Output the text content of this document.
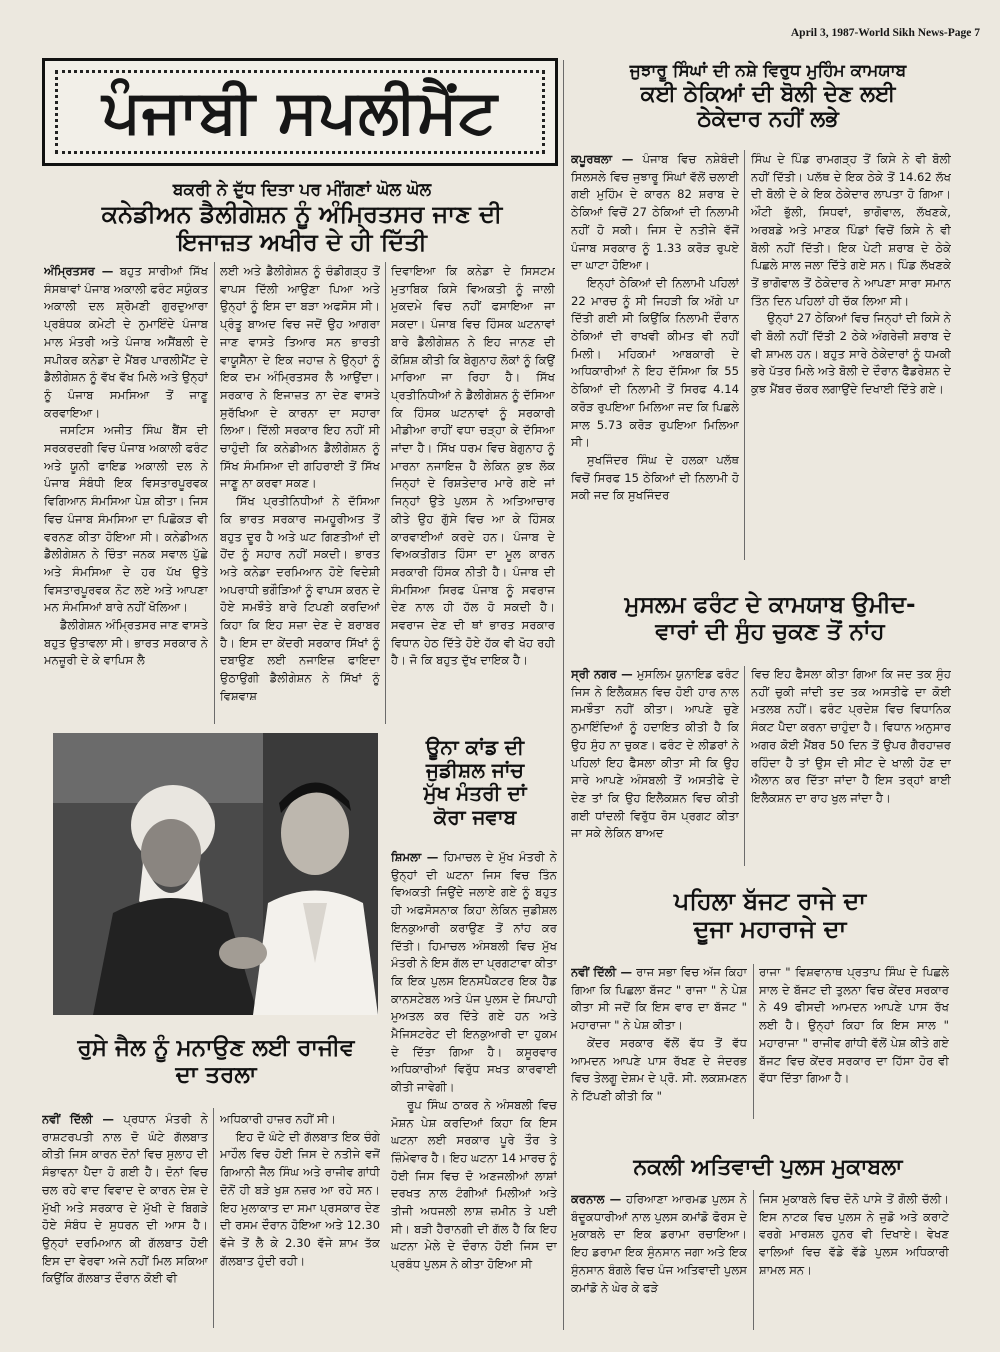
April 3, 1987-World Sikh News-Page 7
ਪੰਜਾਬੀ ਸਪਲੀਮੈਂਟ
ਬਕਰੀ ਨੇ ਦੁੱਧ ਦਿਤਾ ਪਰ ਮੀਂਗਣਾਂ ਘੋਲ ਘੋਲ
ਕਨੇਡੀਅਨ ਡੈਲੀਗੇਸ਼ਨ ਨੂੰ ਅੰਮ੍ਰਿਤਸਰ ਜਾਣ ਦੀ
ਇਜਾਜ਼ਤ ਅਖੀਰ ਦੇ ਹੀ ਦਿੱਤੀ

ਅੰਮ੍ਰਿਤਸਰ — ਬਹੁਤ ਸਾਰੀਆਂ ਸਿੱਖ ਸੰਸਥਾਵਾਂ ਪੰਜਾਬ ਅਕਾਲੀ ਫਰੰਟ ਸਯੁੰਕਤ ਅਕਾਲੀ ਦਲ ਸ਼੍ਰੋਮਣੀ ਗੁਰਦੁਆਰਾ ਪ੍ਰਬੰਧਕ ਕਮੇਟੀ ਦੇ ਨੁਮਾਇੰਦੇ ਪੰਜਾਬ ਮਾਲ ਮੰਤਰੀ ਅਤੇ ਪੰਜਾਬ ਅਸੈਂਬਲੀ ਦੇ ਸਪੀਕਰ ਕਨੇਡਾ ਦੇ ਮੈਂਬਰ ਪਾਰਲੀਮੈਂਟ ਦੇ ਡੈਲੀਗੇਸ਼ਨ ਨੂੰ ਵੱਖ ਵੱਖ ਮਿਲੇ ਅਤੇ ਉਨ੍ਹਾਂ ਨੂੰ ਪੰਜਾਬ ਸਮਸਿਆ ਤੋਂ ਜਾਣੂ ਕਰਵਾਇਆ।

ਜਸਟਿਸ ਅਜੀਤ ਸਿੰਘ ਬੈਂਸ ਦੀ ਸਰਕਰਦਗੀ ਵਿਚ ਪੰਜਾਬ ਅਕਾਲੀ ਫਰੰਟ ਅਤੇ ਯੂਨੀ ਫਾਇਡ ਅਕਾਲੀ ਦਲ ਨੇ ਪੰਜਾਬ ਸੰਬੰਧੀ ਇਕ ਵਿਸਤਾਰਪੂਰਵਕ ਵਿਗਿਆਨ ਸੰਮਸਿਆ ਪੇਸ਼ ਕੀਤਾ। ਜਿਸ ਵਿਚ ਪੰਜਾਬ ਸੰਮਸਿਆ ਦਾ ਪਿਛੋਕੜ ਵੀ ਵਰਨਣ ਕੀਤਾ ਹੋਇਆ ਸੀ। ਕਨੇਡੀਅਨ ਡੈਲੀਗੇਸ਼ਨ ਨੇ ਚਿੰਤਾ ਜਨਕ ਸਵਾਲ ਪੁੱਛੇ ਅਤੇ ਸੰਮਸਿਆ ਦੇ ਹਰ ਪੱਖ ਉਤੇ ਵਿਸਤਾਰਪੂਰਵਕ ਨੋਟ ਲਏ ਅਤੇ ਆਪਣਾ ਮਨ ਸੰਮਸਿਆਂ ਬਾਰੇ ਨਹੀਂ ਖੋਲਿਆ।

ਡੈਲੀਗੇਸ਼ਨ ਅੰਮ੍ਰਿਤਸਰ ਜਾਣ ਵਾਸਤੇ ਬਹੁਤ ਉਤਾਵਲਾ ਸੀ। ਭਾਰਤ ਸਰਕਾਰ ਨੇ ਮਨਜ਼ੂਰੀ ਦੇ ਕੇ ਵਾਪਿਸ ਲੈ

ਲਈ ਅਤੇ ਡੈਲੀਗੇਸ਼ਨ ਨੂੰ ਚੰਡੀਗੜ੍ਹ ਤੋਂ ਵਾਪਸ ਦਿੱਲੀ ਆਉਣਾ ਪਿਆ ਅਤੇ ਉਨ੍ਹਾਂ ਨੂੰ ਇਸ ਦਾ ਬੜਾ ਅਫਸੋਸ ਸੀ। ਪ੍ਰੰਤੂ ਬਾਅਦ ਵਿਚ ਜਦੋਂ ਉਹ ਆਗਰਾ ਜਾਣ ਵਾਸਤੇ ਤਿਆਰ ਸਨ ਭਾਰਤੀ ਵਾਯੂਸੈਨਾ ਦੇ ਇਕ ਜਹਾਜ਼ ਨੇ ਉਨ੍ਹਾਂ ਨੂੰ ਇਕ ਦਮ ਅੰਮ੍ਰਿਤਸਰ ਲੈ ਆਉਂਦਾ। ਸਰਕਾਰ ਨੇ ਇਜਾਜ਼ਤ ਨਾ ਦੇਣ ਵਾਸਤੇ ਸੁਰੱਖਿਆ ਦੇ ਕਾਰਨਾ ਦਾ ਸਹਾਰਾ ਲਿਆ। ਦਿੱਲੀ ਸਰਕਾਰ ਇਹ ਨਹੀਂ ਸੀ ਚਾਹੁੰਦੀ ਕਿ ਕਨੇਡੀਅਨ ਡੈਲੀਗੇਸ਼ਨ ਨੂੰ ਸਿੱਖ ਸੰਮਸਿਆ ਦੀ ਗਹਿਰਾਈ ਤੋਂ ਸਿੱਖ ਜਾਣੂ ਨਾ ਕਰਵਾ ਸਕਣ।

ਸਿੱਖ ਪ੍ਰਤੀਨਿਧੀਆਂ ਨੇ ਦੱਸਿਆ ਕਿ ਭਾਰਤ ਸਰਕਾਰ ਜਮਹੂਰੀਅਤ ਤੋਂ ਬਹੁਤ ਦੂਰ ਹੈ ਅਤੇ ਘਟ ਗਿਣਤੀਆਂ ਦੀ ਹੋਂਦ ਨੂੰ ਸਹਾਰ ਨਹੀਂ ਸਕਦੀ। ਭਾਰਤ ਅਤੇ ਕਨੇਡਾ ਦਰਮਿਆਨ ਹੋਏ ਵਿਦੇਸ਼ੀ ਅਪਰਾਧੀ ਭਗੌੜਿਆਂ ਨੂੰ ਵਾਪਸ ਕਰਨ ਦੇ ਹੋਏ ਸਮਝੌਤੇ ਬਾਰੇ ਟਿਪਣੀ ਕਰਦਿਆਂ ਕਿਹਾ ਕਿ ਇਹ ਸਜ਼ਾ ਦੇਣ ਦੇ ਬਰਾਬਰ ਹੈ। ਇਸ ਦਾ ਕੇਂਦਰੀ ਸਰਕਾਰ ਸਿੱਖਾਂ ਨੂੰ ਦਬਾਉਣ ਲਈ ਨਜਾਇਜ਼ ਫਾਇਦਾ ਉਠਾਉਗੀ ਡੈਲੀਗੇਸ਼ਨ ਨੇ ਸਿੱਖਾਂ ਨੂੰ ਵਿਸ਼ਵਾਸ਼

ਦਿਵਾਇਆ ਕਿ ਕਨੇਡਾ ਦੇ ਸਿਸਟਮ ਮੁਤਾਬਿਕ ਕਿਸੇ ਵਿਅਕਤੀ ਨੂੰ ਜਾਲੀ ਮੁਕਦਮੇ ਵਿਚ ਨਹੀਂ ਫਸਾਇਆ ਜਾ ਸਕਦਾ। ਪੰਜਾਬ ਵਿਚ ਹਿੰਸਕ ਘਟਨਾਵਾਂ ਬਾਰੇ ਡੈਲੀਗੇਸ਼ਨ ਨੇ ਇਹ ਜਾਨਣ ਦੀ ਕੋਸ਼ਿਸ਼ ਕੀਤੀ ਕਿ ਬੇਗੁਨਾਹ ਲੋਕਾਂ ਨੂੰ ਕਿਉਂ ਮਾਰਿਆ ਜਾ ਰਿਹਾ ਹੈ। ਸਿੱਖ ਪ੍ਰਤੀਨਿਧੀਆਂ ਨੇ ਡੈਲੀਗੇਸ਼ਨ ਨੂੰ ਦੱਸਿਆ ਕਿ ਹਿੰਸਕ ਘਟਨਾਵਾਂ ਨੂੰ ਸਰਕਾਰੀ ਮੀਡੀਆ ਰਾਹੀਂ ਵਧਾ ਚੜ੍ਹਾ ਕੇ ਦੱਸਿਆ ਜਾਂਦਾ ਹੈ। ਸਿੱਖ ਧਰਮ ਵਿਚ ਬੇਗੁਨਾਹ ਨੂੰ ਮਾਰਨਾ ਨਜਾਇਜ਼ ਹੈ ਲੇਕਿਨ ਕੁਝ ਲੋਕ ਜਿਨ੍ਹਾਂ ਦੇ ਰਿਸ਼ਤੇਦਾਰ ਮਾਰੇ ਗਏ ਜਾਂ ਜਿਨ੍ਹਾਂ ਉਤੇ ਪੁਲਸ ਨੇ ਅਤਿਆਚਾਰ ਕੀਤੇ ਉਹ ਗੁੱਸੇ ਵਿਚ ਆ ਕੇ ਹਿੰਸਕ ਕਾਰਵਾਈਆਂ ਕਰਦੇ ਹਨ। ਪੰਜਾਬ ਦੇ ਵਿਅਕਤੀਗਤ ਹਿੰਸਾ ਦਾ ਮੂਲ ਕਾਰਨ ਸਰਕਾਰੀ ਹਿੰਸਕ ਨੀਤੀ ਹੈ। ਪੰਜਾਬ ਦੀ ਸੰਮਸਿਆ ਸਿਰਫ ਪੰਜਾਬ ਨੂੰ ਸਵਰਾਜ ਦੇਣ ਨਾਲ ਹੀ ਹੱਲ ਹੋ ਸਕਦੀ ਹੈ। ਸਵਰਾਜ ਦੇਣ ਦੀ ਥਾਂ ਭਾਰਤ ਸਰਕਾਰ ਵਿਧਾਨ ਹੇਠ ਦਿੱਤੇ ਹੋਏ ਹੱਕ ਵੀ ਖੋਹ ਰਹੀ ਹੈ। ਜੋ ਕਿ ਬਹੁਤ ਦੁੱਖ ਦਾਇਕ ਹੈ।

ਜੁਝਾਰੂ ਸਿੰਘਾਂ ਦੀ ਨਸ਼ੇ ਵਿਰੁਧ ਮੁਹਿੰਮ ਕਾਮਯਾਬ
ਕਈ ਠੇਕਿਆਂ ਦੀ ਬੋਲੀ ਦੇਣ ਲਈ
ਠੇਕੇਦਾਰ ਨਹੀਂ ਲਭੇ

ਕਪੂਰਥਲਾ — ਪੰਜਾਬ ਵਿਚ ਨਸ਼ੇਬੰਦੀ ਸਿਲਸਲੇ ਵਿਚ ਜੁਝਾਰੂ ਸਿੰਘਾਂ ਵੱਲੋਂ ਚਲਾਈ ਗਈ ਮੁਹਿੰਮ ਦੇ ਕਾਰਨ 82 ਸ਼ਰਾਬ ਦੇ ਠੇਕਿਆਂ ਵਿਚੋਂ 27 ਠੇਕਿਆਂ ਦੀ ਨਿਲਾਮੀ ਨਹੀਂ ਹੋ ਸਕੀ। ਜਿਸ ਦੇ ਨਤੀਜੇ ਵੱਜੋਂ ਪੰਜਾਬ ਸਰਕਾਰ ਨੂੰ 1.33 ਕਰੋੜ ਰੁਪਏ ਦਾ ਘਾਟਾ ਹੋਇਆ।

ਇਨ੍ਹਾਂ ਠੇਕਿਆਂ ਦੀ ਨਿਲਾਮੀ ਪਹਿਲਾਂ 22 ਮਾਰਚ ਨੂੰ ਸੀ ਜਿਹੜੀ ਕਿ ਅੱਗੇ ਪਾ ਦਿੱਤੀ ਗਈ ਸੀ ਕਿਉਂਕਿ ਨਿਲਾਮੀ ਦੌਰਾਨ ਠੇਕਿਆਂ ਦੀ ਰਾਖਵੀ ਕੀਮਤ ਵੀ ਨਹੀਂ ਮਿਲੀ। ਮਹਿਕਮਾਂ ਆਬਕਾਰੀ ਦੇ ਅਧਿਕਾਰੀਆਂ ਨੇ ਇਹ ਦੱਸਿਆ ਕਿ 55 ਠੇਕਿਆਂ ਦੀ ਨਿਲਾਮੀ ਤੋਂ ਸਿਰਫ 4.14 ਕਰੋੜ ਰੁਪਇਆ ਮਿਲਿਆ ਜਦ ਕਿ ਪਿਛਲੇ ਸਾਲ 5.73 ਕਰੋੜ ਰੁਪਇਆ ਮਿਲਿਆ ਸੀ।

ਸੁਖਜਿੰਦਰ ਸਿੰਘ ਦੇ ਹਲਕਾ ਪਲੱਥ ਵਿਚੋਂ ਸਿਰਫ 15 ਠੇਕਿਆਂ ਦੀ ਨਿਲਾਮੀ ਹੋ ਸਕੀ ਜਦ ਕਿ ਸੁਖਜਿੰਦਰ

ਸਿੰਘ ਦੇ ਪਿੰਡ ਰਾਮਗੜ੍ਹ ਤੋਂ ਕਿਸੇ ਨੇ ਵੀ ਬੋਲੀ ਨਹੀਂ ਦਿੱਤੀ। ਪਲੱਥ ਦੇ ਇਕ ਠੇਕੇ ਤੋਂ 14.62 ਲੱਖ ਦੀ ਬੋਲੀ ਦੇ ਕੇ ਇਕ ਠੇਕੇਦਾਰ ਲਾਪਤਾ ਹੋ ਗਿਆ। ਔਟੀ ਭੁੱਲੀ, ਸਿਧਵਾਂ, ਭਾਗੋਵਾਲ, ਲੱਖਣਕੇ, ਅਰਬਡੇ ਅਤੇ ਮਾਣਕ ਪਿੰਡਾਂ ਵਿਚੋਂ ਕਿਸੇ ਨੇ ਵੀ ਬੋਲੀ ਨਹੀਂ ਦਿੱਤੀ। ਇਕ ਪੇਟੀ ਸ਼ਰਾਬ ਦੇ ਠੇਕੇ ਪਿਛਲੇ ਸਾਲ ਜਲਾ ਦਿੱਤੇ ਗਏ ਸਨ। ਪਿੰਡ ਲੱਖਣਕੇ ਤੋਂ ਭਾਗੋਵਾਲ ਤੋਂ ਠੇਕੇਦਾਰ ਨੇ ਆਪਣਾ ਸਾਰਾ ਸਮਾਨ ਤਿੰਨ ਦਿਨ ਪਹਿਲਾਂ ਹੀ ਚੱਕ ਲਿਆ ਸੀ।

ਉਨ੍ਹਾਂ 27 ਠੇਕਿਆਂ ਵਿਚ ਜਿਨ੍ਹਾਂ ਦੀ ਕਿਸੇ ਨੇ ਵੀ ਬੋਲੀ ਨਹੀਂ ਦਿੱਤੀ 2 ਠੇਕੇ ਅੰਗਰੇਜ਼ੀ ਸ਼ਰਾਬ ਦੇ ਵੀ ਸ਼ਾਮਲ ਹਨ। ਬਹੁਤ ਸਾਰੇ ਠੇਕੇਦਾਰਾਂ ਨੂੰ ਧਮਕੀ ਭਰੇ ਪੱਤਰ ਮਿਲੇ ਅਤੇ ਬੋਲੀ ਦੇ ਦੌਰਾਨ ਫੈਡਰੇਸ਼ਨ ਦੇ ਕੁਝ ਮੈਂਬਰ ਚੱਕਰ ਲਗਾਉਂਦੇ ਦਿਖਾਈ ਦਿੱਤੇ ਗਏ।

ਮੁਸਲਮ ਫਰੰਟ ਦੇ ਕਾਮਯਾਬ ਉਮੀਦ-
ਵਾਰਾਂ ਦੀ ਸੁੰਹ ਚੁਕਣ ਤੋਂ ਨਾਂਹ

ਸ੍ਰੀ ਨਗਰ — ਮੁਸਲਿਮ ਯੁਨਾਇਡ ਫਰੰਟ ਜਿਸ ਨੇ ਇਲੈਕਸ਼ਨ ਵਿਚ ਹੋਈ ਹਾਰ ਨਾਲ ਸਮਝੌਤਾ ਨਹੀਂ ਕੀਤਾ। ਆਪਣੇ ਚੁਣੇ ਨੁਮਾਇੰਦਿਆਂ ਨੂੰ ਹਦਾਇਤ ਕੀਤੀ ਹੈ ਕਿ ਉਹ ਸੁੰਹ ਨਾ ਚੁਕਣ। ਫਰੰਟ ਦੇ ਲੀਡਰਾਂ ਨੇ ਪਹਿਲਾਂ ਇਹ ਫੈਸਲਾ ਕੀਤਾ ਸੀ ਕਿ ਉਹ ਸਾਰੇ ਆਪਣੇ ਅੰਸਬਲੀ ਤੋਂ ਅਸਤੀਫੇ ਦੇ ਦੇਣ ਤਾਂ ਕਿ ਉਹ ਇਲੈਕਸ਼ਨ ਵਿਚ ਕੀਤੀ ਗਈ ਧਾਂਦਲੀ ਵਿਰੁੱਧ ਰੋਸ ਪ੍ਰਗਟ ਕੀਤਾ ਜਾ ਸਕੇ ਲੇਕਿਨ ਬਾਅਦ

ਵਿਚ ਇਹ ਫੈਸਲਾ ਕੀਤਾ ਗਿਆ ਕਿ ਜਦ ਤਕ ਸੁੰਹ ਨਹੀਂ ਚੁਕੀ ਜਾਂਦੀ ਤਦ ਤਕ ਅਸਤੀਫੇ ਦਾ ਕੋਈ ਮਤਲਬ ਨਹੀਂ। ਫਰੰਟ ਪ੍ਰਦੇਸ਼ ਵਿਚ ਵਿਧਾਨਿਕ ਸੰਕਟ ਪੈਦਾ ਕਰਨਾ ਚਾਹੁੰਦਾ ਹੈ। ਵਿਧਾਨ ਅਨੁਸਾਰ ਅਗਰ ਕੋਈ ਮੈਂਬਰ 50 ਦਿਨ ਤੋਂ ਉਪਰ ਗੈਰਹਾਜ਼ਰ ਰਹਿੰਦਾ ਹੈ ਤਾਂ ਉਸ ਦੀ ਸੀਟ ਦੇ ਖਾਲੀ ਹੋਣ ਦਾ ਐਲਾਨ ਕਰ ਦਿੱਤਾ ਜਾਂਦਾ ਹੈ ਇਸ ਤਰ੍ਹਾਂ ਬਾਈ ਇਲੈਕਸ਼ਨ ਦਾ ਰਾਹ ਖੁਲ ਜਾਂਦਾ ਹੈ।

ਊਨਾ ਕਾਂਡ ਦੀ
ਜੁਡੀਸ਼ਲ ਜਾਂਚ
ਮੁੱਖ ਮੰਤਰੀ ਦਾਂ
ਕੋਰਾ ਜਵਾਬ

ਸ਼ਿਮਲਾ — ਹਿਮਾਚਲ ਦੇ ਮੁੱਖ ਮੰਤਰੀ ਨੇ ਉਨ੍ਹਾਂ ਦੀ ਘਟਨਾ ਜਿਸ ਵਿਚ ਤਿੰਨ ਵਿਅਕਤੀ ਜਿਉਂਦੇ ਜਲਾਏ ਗਏ ਨੂੰ ਬਹੁਤ ਹੀ ਅਫਸੋਸਨਾਕ ਕਿਹਾ ਲੇਕਿਨ ਜੁਡੀਸ਼ਲ ਇਨਕੁਆਰੀ ਕਰਾਉਣ ਤੋਂ ਨਾਂਹ ਕਰ ਦਿੱਤੀ। ਹਿਮਾਚਲ ਅੰਸਬਲੀ ਵਿਚ ਮੁੱਖ ਮੰਤਰੀ ਨੇ ਇਸ ਗੱਲ ਦਾ ਪ੍ਰਗਟਾਵਾ ਕੀਤਾ ਕਿ ਇਕ ਪੁਲਸ ਇਨਸਪੈਕਟਰ ਇਕ ਹੈਡ ਕਾਨਸਟੇਬਲ ਅਤੇ ਪੰਜ ਪੁਲਸ ਦੇ ਸਿਪਾਹੀ ਮੁਅਤਲ ਕਰ ਦਿੱਤੇ ਗਏ ਹਨ ਅਤੇ ਮੈਜਿਸਟਰੇਟ ਦੀ ਇਨਕੁਆਰੀ ਦਾ ਹੁਕਮ ਦੇ ਦਿੱਤਾ ਗਿਆ ਹੈ। ਕਸੂਰਵਾਰ ਅਧਿਕਾਰੀਆਂ ਵਿਰੁੱਧ ਸਖਤ ਕਾਰਵਾਈ ਕੀਤੀ ਜਾਵੇਗੀ।

ਰੂਪ ਸਿੰਘ ਠਾਕਰ ਨੇ ਅੰਸਬਲੀ ਵਿਚ ਮੋਸ਼ਨ ਪੇਸ਼ ਕਰਦਿਆਂ ਕਿਹਾ ਕਿ ਇਸ ਘਟਨਾ ਲਈ ਸਰਕਾਰ ਪੂਰੇ ਤੌਰ ਤੇ ਜ਼ਿੰਮੇਵਾਰ ਹੈ। ਇਹ ਘਟਨਾ 14 ਮਾਰਚ ਨੂੰ ਹੋਈ ਜਿਸ ਵਿਚ ਦੋ ਅਣਜਲੀਆਂ ਲਾਸ਼ਾਂ ਦਰਖਤ ਨਾਲ ਟੰਗੀਆਂ ਮਿਲੀਆਂ ਅਤੇ ਤੀਜੀ ਅਧਜਲੀ ਲਾਸ਼ ਜ਼ਮੀਨ ਤੇ ਪਈ ਸੀ। ਬੜੀ ਹੈਰਾਨਗੀ ਦੀ ਗੱਲ ਹੈ ਕਿ ਇਹ ਘਟਨਾ ਮੇਲੇ ਦੇ ਦੌਰਾਨ ਹੋਈ ਜਿਸ ਦਾ ਪ੍ਰਬੰਧ ਪੁਲਸ ਨੇ ਕੀਤਾ ਹੋਇਆ ਸੀ

ਰੁਸੇ ਜੈਲ ਨੂੰ ਮਨਾਉਣ ਲਈ ਰਾਜੀਵ
ਦਾ ਤਰਲਾ

ਨਵੀਂ ਦਿੱਲੀ — ਪ੍ਰਧਾਨ ਮੰਤਰੀ ਨੇ ਰਾਸ਼ਟਰਪਤੀ ਨਾਲ ਦੋ ਘੰਟੇ ਗੱਲਬਾਤ ਕੀਤੀ ਜਿਸ ਕਾਰਨ ਦੋਨਾਂ ਵਿਚ ਸੁਲਾਹ ਦੀ ਸੰਭਾਵਨਾ ਪੈਦਾ ਹੋ ਗਈ ਹੈ। ਦੋਨਾਂ ਵਿਚ ਚਲ ਰਹੇ ਵਾਦ ਵਿਵਾਦ ਦੇ ਕਾਰਨ ਦੇਸ਼ ਦੇ ਮੁੱਖੀ ਅਤੇ ਸਰਕਾਰ ਦੇ ਮੁੱਖੀ ਦੇ ਬਿਗੜੇ ਹੋਏ ਸੰਬੰਧ ਦੇ ਸੁਧਰਨ ਦੀ ਆਸ ਹੈ। ਉਨ੍ਹਾਂ ਦਰਮਿਆਨ ਕੀ ਗੱਲਬਾਤ ਹੋਈ ਇਸ ਦਾ ਵੇਰਵਾ ਅਜੇ ਨਹੀਂ ਮਿਲ ਸਕਿਆ ਕਿਉਂਕਿ ਗੱਲਬਾਤ ਦੌਰਾਨ ਕੋਈ ਵੀ

ਅਧਿਕਾਰੀ ਹਾਜ਼ਰ ਨਹੀਂ ਸੀ।

ਇਹ ਦੋ ਘੰਟੇ ਦੀ ਗੱਲਬਾਤ ਇਕ ਚੰਗੇ ਮਾਹੌਲ ਵਿਚ ਹੋਈ ਜਿਸ ਦੇ ਨਤੀਜੇ ਵਜੋਂ ਗਿਆਨੀ ਜੈਲ ਸਿੰਘ ਅਤੇ ਰਾਜੀਵ ਗਾਂਧੀ ਦੋਨੋਂ ਹੀ ਬੜੇ ਖੁਸ਼ ਨਜ਼ਰ ਆ ਰਹੇ ਸਨ। ਇਹ ਮੁਲਾਕਾਤ ਦਾ ਸਮਾ ਪ੍ਰਸਕਾਰ ਦੇਣ ਦੀ ਰਸਮ ਦੌਰਾਨ ਹੋਇਆ ਅਤੇ 12.30 ਵੱਜੇ ਤੋਂ ਲੈ ਕੇ 2.30 ਵੱਜੇ ਸ਼ਾਮ ਤੱਕ ਗੱਲਬਾਤ ਹੁੰਦੀ ਰਹੀ।

ਪਹਿਲਾ ਬੱਜਟ ਰਾਜੇ ਦਾ
ਦੂਜਾ ਮਹਾਰਾਜੇ ਦਾ

ਨਵੀਂ ਦਿੱਲੀ — ਰਾਜ ਸਭਾ ਵਿਚ ਅੱਜ ਕਿਹਾ ਗਿਆ ਕਿ ਪਿਛਲਾ ਬੱਜਟ " ਰਾਜਾ " ਨੇ ਪੇਸ਼ ਕੀਤਾ ਸੀ ਜਦੋਂ ਕਿ ਇਸ ਵਾਰ ਦਾ ਬੱਜਟ " ਮਹਾਰਾਜਾ " ਨੇ ਪੇਸ਼ ਕੀਤਾ।

ਕੇਂਦਰ ਸਰਕਾਰ ਵੱਲੋਂ ਵੱਧ ਤੋਂ ਵੱਧ ਆਮਦਨ ਆਪਣੇ ਪਾਸ ਰੱਖਣ ਦੇ ਜੰਦਰਭ ਵਿਚ ਤੇਲਗੂ ਦੇਸ਼ਮ ਦੇ ਪ੍ਰੋ. ਸੀ. ਲਕਸ਼ਮਣਨ ਨੇ ਟਿੱਪਣੀ ਕੀਤੀ ਕਿ "

ਰਾਜਾ " ਵਿਸ਼ਵਾਨਾਥ ਪ੍ਰਤਾਪ ਸਿੰਘ ਦੇ ਪਿਛਲੇ ਸਾਲ ਦੇ ਬੱਜਟ ਦੀ ਤੁਲਨਾ ਵਿਚ ਕੇਂਦਰ ਸਰਕਾਰ ਨੇ 49 ਫੀਸਦੀ ਆਮਦਨ ਆਪਣੇ ਪਾਸ ਰੱਖ ਲਈ ਹੈ। ਉਨ੍ਹਾਂ ਕਿਹਾ ਕਿ ਇਸ ਸਾਲ " ਮਹਾਰਾਜਾ " ਰਾਜੀਵ ਗਾਂਧੀ ਵੱਲੋਂ ਪੇਸ਼ ਕੀਤੇ ਗਏ ਬੱਜਟ ਵਿਚ ਕੇਂਦਰ ਸਰਕਾਰ ਦਾ ਹਿੱਸਾ ਹੋਰ ਵੀ ਵੱਧਾ ਦਿੱਤਾ ਗਿਆ ਹੈ।

ਨਕਲੀ ਅਤਿਵਾਦੀ ਪੁਲਸ ਮੁਕਾਬਲਾ

ਕਰਨਾਲ — ਹਰਿਆਣਾ ਆਰਮਡ ਪੁਲਸ ਨੇ ਬੰਦੂਕਧਾਰੀਆਂ ਨਾਲ ਪੁਲਸ ਕਮਾਂਡੋ ਫੋਰਸ ਦੇ ਮੁਕਾਬਲੇ ਦਾ ਇਕ ਡਰਾਮਾ ਰਚਾਇਆ। ਇਹ ਡਰਾਮਾ ਇਕ ਸੁੰਨਸਾਨ ਜਗਾ ਅਤੇ ਇਕ ਸੁੰਨਸਾਨ ਬੰਗਲੇ ਵਿਚ ਪੰਜ ਅਤਿਵਾਦੀ ਪੁਲਸ ਕਮਾਂਡੋ ਨੇ ਘੇਰ ਕੇ ਫੜੇ

ਜਿਸ ਮੁਕਾਬਲੇ ਵਿਚ ਦੋਨੋ ਪਾਸੇ ਤੋਂ ਗੋਲੀ ਚੱਲੀ। ਇਸ ਨਾਟਕ ਵਿਚ ਪੁਲਸ ਨੇ ਜੁਡੋ ਅਤੇ ਕਰਾਟੇ ਵਰਗੇ ਮਾਰਸ਼ਲ ਹੁਨਰ ਵੀ ਦਿਖਾਏ। ਵੇਖਣ ਵਾਲਿਆਂ ਵਿਚ ਵੱਡੇ ਵੱਡੇ ਪੁਲਸ ਅਧਿਕਾਰੀ ਸ਼ਾਮਲ ਸਨ।
